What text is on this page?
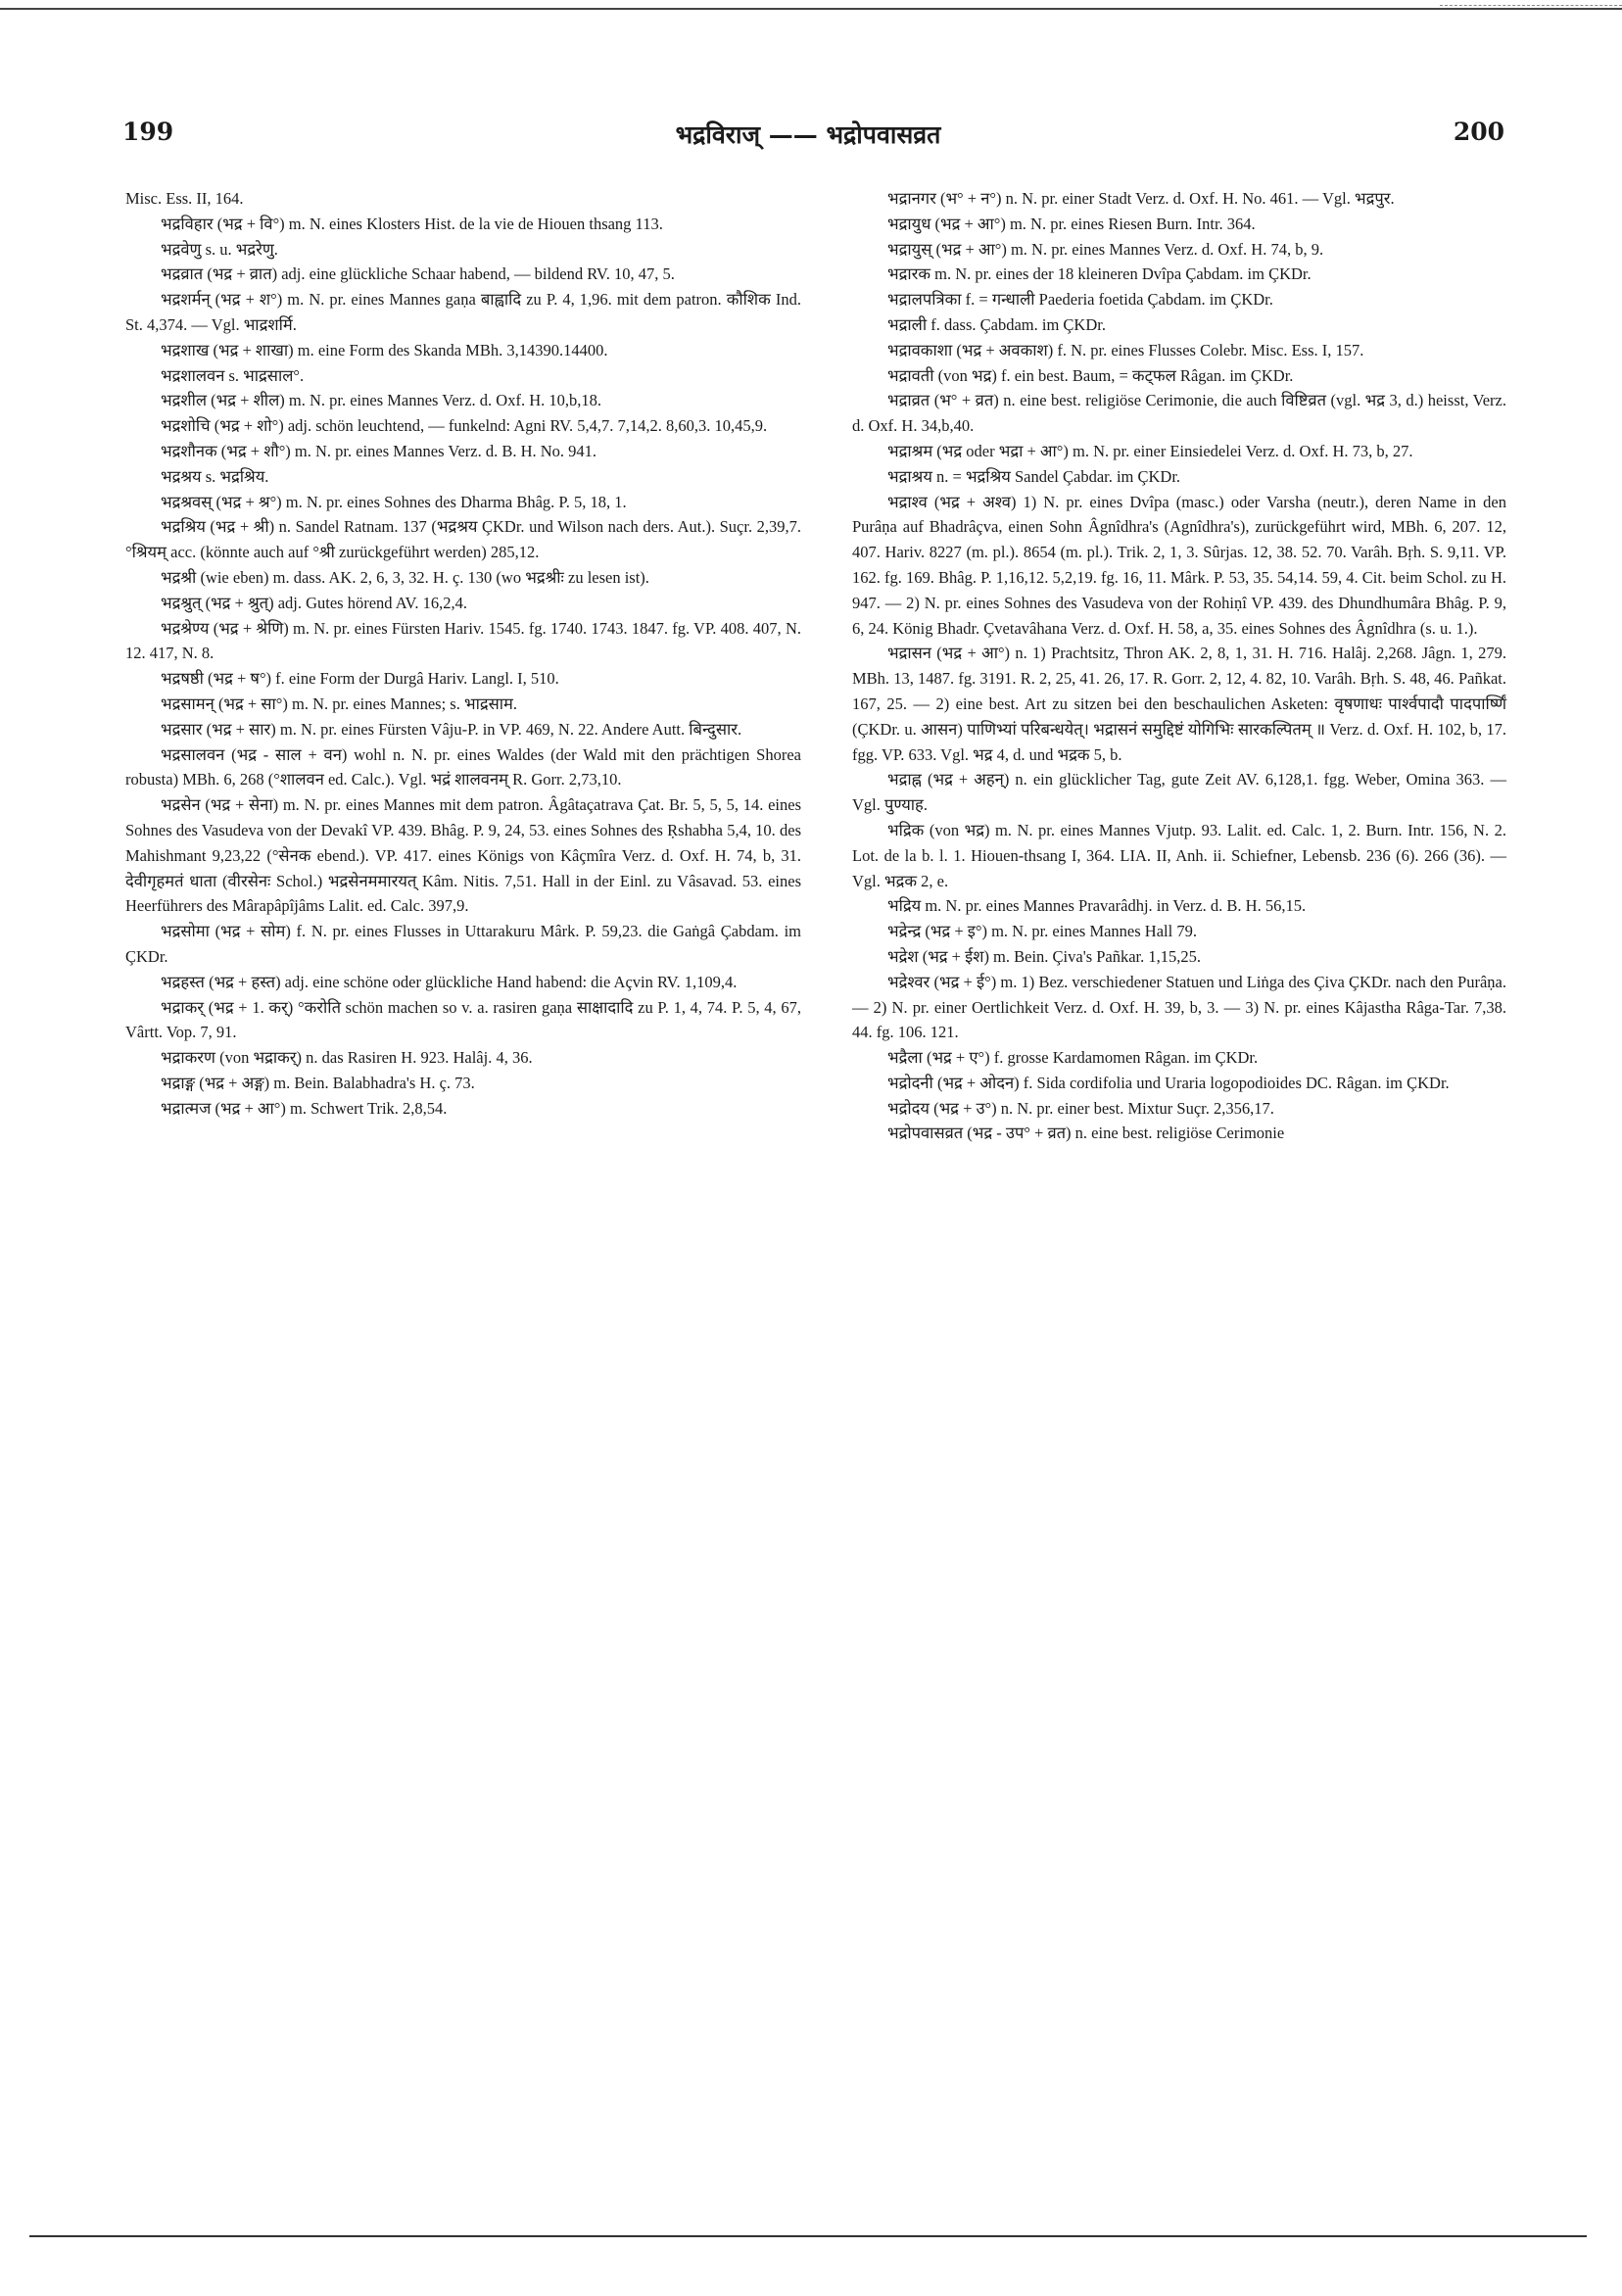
199	भद्रविराज् —— भद्रोपवासव्रत	200

Misc. Ess. II, 164.

भद्रविहार (भद्र + वि°) m. N. eines Klosters Hist. de la vie de Hiouen thsang 113.

भद्रवेणु s. u. भद्ररेणु.

भद्रव्रात (भद्र + व्रात) adj. eine glückliche Schaar habend, — bildend RV. 10, 47, 5.

भद्रशर्मन् (भद्र + श°) m. N. pr. eines Mannes gaṇa बाह्वादि zu P. 4, 1,96. mit dem patron. कौशिक Ind. St. 4,374. — Vgl. भाद्रशर्मि.

भद्रशाख (भद्र + शाखा) m. eine Form des Skanda MBh. 3,14390.14400.

भद्रशालवन s. भाद्रसाल°.

भद्रशील (भद्र + शील) m. N. pr. eines Mannes Verz. d. Oxf. H. 10,b,18.

भद्रशोचि (भद्र + शो°) adj. schön leuchtend, — funkelnd: Agni RV. 5,4,7. 7,14,2. 8,60,3. 10,45,9.

भद्रशौनक (भद्र + शौ°) m. N. pr. eines Mannes Verz. d. B. H. No. 941.

भद्रश्रय s. भद्रश्रिय.

भद्रश्रवस् (भद्र + श्र°) m. N. pr. eines Sohnes des Dharma Bhâg. P. 5, 18, 1.

भद्रश्रिय (भद्र + श्री) n. Sandel Ratnam. 137 (भद्रश्रय ÇKDr. und Wilson nach ders. Aut.). Suçr. 2,39,7. °श्रियम् acc. (könnte auch auf °श्री zurückgeführt werden) 285,12.

भद्रश्री (wie eben) m. dass. AK. 2, 6, 3, 32. H. ç. 130 (wo भद्रश्रीः zu lesen ist).

भद्रश्रुत् (भद्र + श्रुत्) adj. Gutes hörend AV. 16,2,4.

भद्रश्रेण्य (भद्र + श्रेणि) m. N. pr. eines Fürsten Hariv. 1545. fg. 1740. 1743. 1847. fg. VP. 408. 407, N. 12. 417, N. 8.

भद्रषष्ठी (भद्र + ष°) f. eine Form der Durgâ Hariv. Langl. I, 510.

भद्रसामन् (भद्र + सा°) m. N. pr. eines Mannes; s. भाद्रसाम.

भद्रसार (भद्र + सार) m. N. pr. eines Fürsten Vâju-P. in VP. 469, N. 22. Andere Autt. बिन्दुसार.

भद्रसालवन (भद्र - साल + वन) wohl n. N. pr. eines Waldes (der Wald mit den prächtigen Shorea robusta) MBh. 6, 268 (°शालवन ed. Calc.). Vgl. भद्रं शालवनम् R. Gorr. 2,73,10.

भद्रसेन (भद्र + सेना) m. N. pr. eines Mannes mit dem patron. Âgâtaçatrava Çat. Br. 5, 5, 5, 14. eines Sohnes des Vasudeva von der Devakî VP. 439. Bhâg. P. 9, 24, 53. eines Sohnes des Ṛshabha 5,4, 10. des Mahishmant 9,23,22 (°सेनक ebend.). VP. 417. eines Königs von Kâçmîra Verz. d. Oxf. H. 74, b, 31. देवीगृहमतं धाता (वीरसेनः Schol.) भद्रसेनममारयत् Kâm. Nitis. 7,51. Hall in der Einl. zu Vâsavad. 53. eines Heerführers des Mârapâpîjâms Lalit. ed. Calc. 397,9.

भद्रसोमा (भद्र + सोम) f. N. pr. eines Flusses in Uttarakuru Mârk. P. 59,23. die Gaṅgâ Çabdam. im ÇKDr.

भद्रहस्त (भद्र + हस्त) adj. eine schöne oder glückliche Hand habend: die Açvin RV. 1,109,4.

भद्राकर् (भद्र + 1. कर्) °करोति schön machen so v. a. rasiren gaṇa साक्षादादि zu P. 1, 4, 74. P. 5, 4, 67, Vârtt. Vop. 7, 91.

भद्राकरण (von भद्राकर्) n. das Rasiren H. 923. Halâj. 4, 36.

भद्राङ्ग (भद्र + अङ्ग) m. Bein. Balabhadra's H. ç. 73.

भद्रात्मज (भद्र + आ°) m. Schwert Trik. 2,8,54.

भद्रानगर (भ° + न°) n. N. pr. einer Stadt Verz. d. Oxf. H. No. 461. — Vgl. भद्रपुर.

भद्रायुध (भद्र + आ°) m. N. pr. eines Riesen Burn. Intr. 364.

भद्रायुस् (भद्र + आ°) m. N. pr. eines Mannes Verz. d. Oxf. H. 74, b, 9.

भद्रारक m. N. pr. eines der 18 kleineren Dvîpa Çabdam. im ÇKDr.

भद्रालपत्रिका f. = गन्धाली Paederia foetida Çabdam. im ÇKDr.

भद्राली f. dass. Çabdam. im ÇKDr.

भद्रावकाशा (भद्र + अवकाश) f. N. pr. eines Flusses Colebr. Misc. Ess. I, 157.

भद्रावती (von भद्र) f. ein best. Baum, = कट्फल Râgan. im ÇKDr.

भद्राव्रत (भ° + व्रत) n. eine best. religiöse Cerimonie, die auch विष्टिव्रत (vgl. भद्र 3, d.) heisst, Verz. d. Oxf. H. 34,b,40.

भद्राश्रम (भद्र oder भद्रा + आ°) m. N. pr. einer Einsiedelei Verz. d. Oxf. H. 73, b, 27.

भद्राश्रय n. = भद्रश्रिय Sandel Çabdar. im ÇKDr.

भद्राश्व (भद्र + अश्व) 1) N. pr. eines Dvîpa (masc.) oder Varsha (neutr.), deren Name in den Purâṇa auf Bhadrâçva, einen Sohn Âgnîdhra's (Agnîdhra's), zurückgeführt wird, MBh. 6, 207. 12, 407. Hariv. 8227 (m. pl.). 8654 (m. pl.). Trik. 2, 1, 3. Sûrjas. 12, 38. 52. 70. Varâh. Bṛh. S. 9,11. VP. 162. fg. 169. Bhâg. P. 1,16,12. 5,2,19. fg. 16, 11. Mârk. P. 53, 35. 54,14. 59, 4. Cit. beim Schol. zu H. 947. — 2) N. pr. eines Sohnes des Vasudeva von der Rohiṇî VP. 439. des Dhundhumâra Bhâg. P. 9, 6, 24. König Bhadr. Çvetavâhana Verz. d. Oxf. H. 58, a, 35. eines Sohnes des Âgnîdhra (s. u. 1.).

भद्रासन (भद्र + आ°) n. 1) Prachtsitz, Thron AK. 2, 8, 1, 31. H. 716. Halâj. 2,268. Jâgn. 1, 279. MBh. 13, 1487. fg. 3191. R. 2, 25, 41. 26, 17. R. Gorr. 2, 12, 4. 82, 10. Varâh. Bṛh. S. 48, 46. Pañkat. 167, 25. — 2) eine best. Art zu sitzen bei den beschaulichen Asketen: वृषणाधः पार्श्वपादौ पादपार्ष्णिं (ÇKDr. u. आसन) पाणिभ्यां परिबन्धयेत्। भद्रासनं समुद्दिष्टं योगिभिः सारकल्पितम् ॥ Verz. d. Oxf. H. 102, b, 17. fgg. VP. 633. Vgl. भद्र 4, d. und भद्रक 5, b.

भद्राह्न (भद्र + अहन्) n. ein glücklicher Tag, gute Zeit AV. 6,128,1. fgg. Weber, Omina 363. — Vgl. पुण्याह.

भद्रिक (von भद्र) m. N. pr. eines Mannes Vjutp. 93. Lalit. ed. Calc. 1, 2. Burn. Intr. 156, N. 2. Lot. de la b. l. 1. Hiouen-thsang I, 364. LIA. II, Anh. ii. Schiefner, Lebensb. 236 (6). 266 (36). — Vgl. भद्रक 2, e.

भद्रिय m. N. pr. eines Mannes Pravarâdhj. in Verz. d. B. H. 56,15.

भद्रेन्द्र (भद्र + इ°) m. N. pr. eines Mannes Hall 79.

भद्रेश (भद्र + ईश) m. Bein. Çiva's Pañkar. 1,15,25.

भद्रेश्वर (भद्र + ई°) m. 1) Bez. verschiedener Statuen und Liṅga des Çiva ÇKDr. nach den Purâṇa. — 2) N. pr. einer Oertlichkeit Verz. d. Oxf. H. 39, b, 3. — 3) N. pr. eines Kâjastha Râga-Tar. 7,38. 44. fg. 106. 121.

भद्रैला (भद्र + ए°) f. grosse Kardamomen Râgan. im ÇKDr.

भद्रोदनी (भद्र + ओदन) f. Sida cordifolia und Uraria logopodioides DC. Râgan. im ÇKDr.

भद्रोदय (भद्र + उ°) n. N. pr. einer best. Mixtur Suçr. 2,356,17.

भद्रोपवासव्रत (भद्र - उप° + व्रत) n. eine best. religiöse Cerimonie
